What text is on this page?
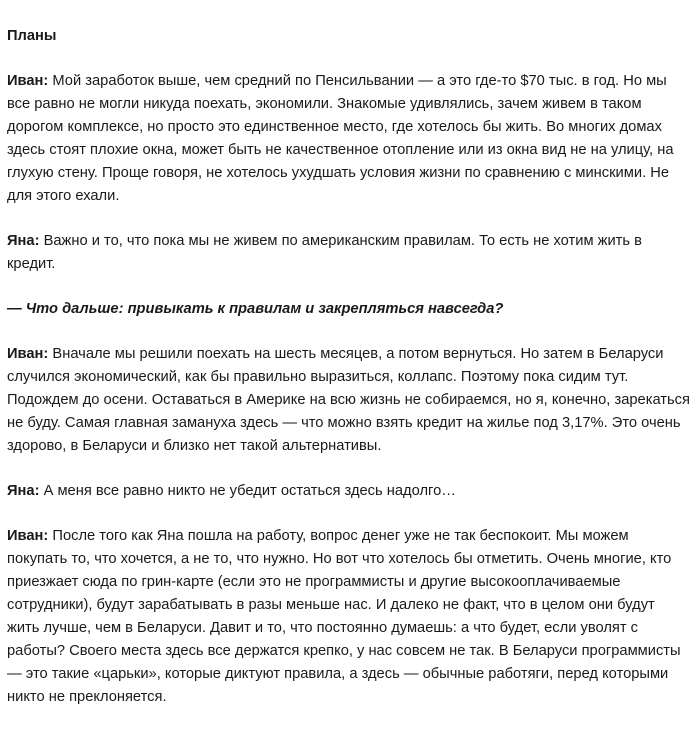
Планы

Иван: Мой заработок выше, чем средний по Пенсильвании — а это где-то $70 тыс. в год. Но мы все равно не могли никуда поехать, экономили. Знакомые удивлялись, зачем живем в таком дорогом комплексе, но просто это единственное место, где хотелось бы жить. Во многих домах здесь стоят плохие окна, может быть не качественное отопление или из окна вид не на улицу, на глухую стену. Проще говоря, не хотелось ухудшать условия жизни по сравнению с минскими. Не для этого ехали.

Яна: Важно и то, что пока мы не живем по американским правилам. То есть не хотим жить в кредит.

— Что дальше: привыкать к правилам и закрепляться навсегда?

Иван: Вначале мы решили поехать на шесть месяцев, а потом вернуться. Но затем в Беларуси случился экономический, как бы правильно выразиться, коллапс. Поэтому пока сидим тут. Подождем до осени. Оставаться в Америке на всю жизнь не собираемся, но я, конечно, зарекаться не буду. Самая главная замануха здесь — что можно взять кредит на жилье под 3,17%. Это очень здорово, в Беларуси и близко нет такой альтернативы.

Яна: А меня все равно никто не убедит остаться здесь надолго…

Иван: После того как Яна пошла на работу, вопрос денег уже не так беспокоит. Мы можем покупать то, что хочется, а не то, что нужно. Но вот что хотелось бы отметить. Очень многие, кто приезжает сюда по грин-карте (если это не программисты и другие высокооплачиваемые сотрудники), будут зарабатывать в разы меньше нас. И далеко не факт, что в целом они будут жить лучше, чем в Беларуси. Давит и то, что постоянно думаешь: а что будет, если уволят с работы? Своего места здесь все держатся крепко, у нас совсем не так. В Беларуси программисты — это такие «царьки», которые диктуют правила, а здесь — обычные работяги, перед которыми никто не преклоняется.
